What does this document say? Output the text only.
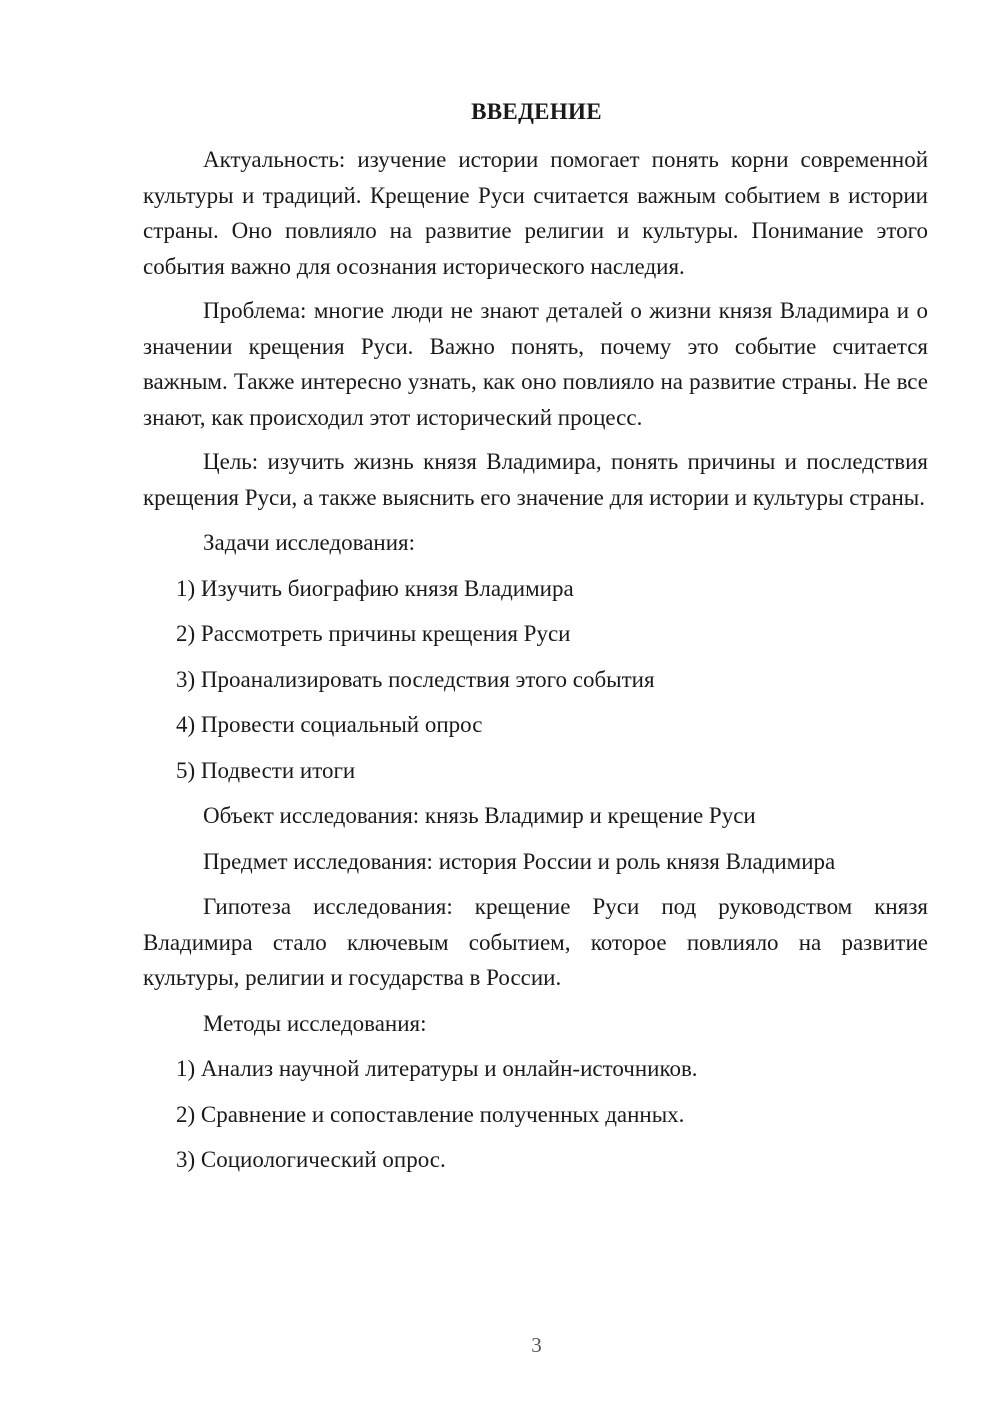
ВВЕДЕНИЕ

Актуальность: изучение истории помогает понять корни современной культуры и традиций. Крещение Руси считается важным событием в истории страны. Оно повлияло на развитие религии и культуры. Понимание этого события важно для осознания исторического наследия.

Проблема: многие люди не знают деталей о жизни князя Владимира и о значении крещения Руси. Важно понять, почему это событие считается важным. Также интересно узнать, как оно повлияло на развитие страны. Не все знают, как происходил этот исторический процесс.

Цель: изучить жизнь князя Владимира, понять причины и последствия крещения Руси, а также выяснить его значение для истории и культуры страны.

Задачи исследования:

1) Изучить биографию князя Владимира

2) Рассмотреть причины крещения Руси

3) Проанализировать последствия этого события

4) Провести социальный опрос

5) Подвести итоги

Объект исследования: князь Владимир и крещение Руси

Предмет исследования: история России и роль князя Владимира

Гипотеза исследования: крещение Руси под руководством князя Владимира стало ключевым событием, которое повлияло на развитие культуры, религии и государства в России.

Методы исследования:

1) Анализ научной литературы и онлайн-источников.

2) Сравнение и сопоставление полученных данных.

3) Социологический опрос.

3
